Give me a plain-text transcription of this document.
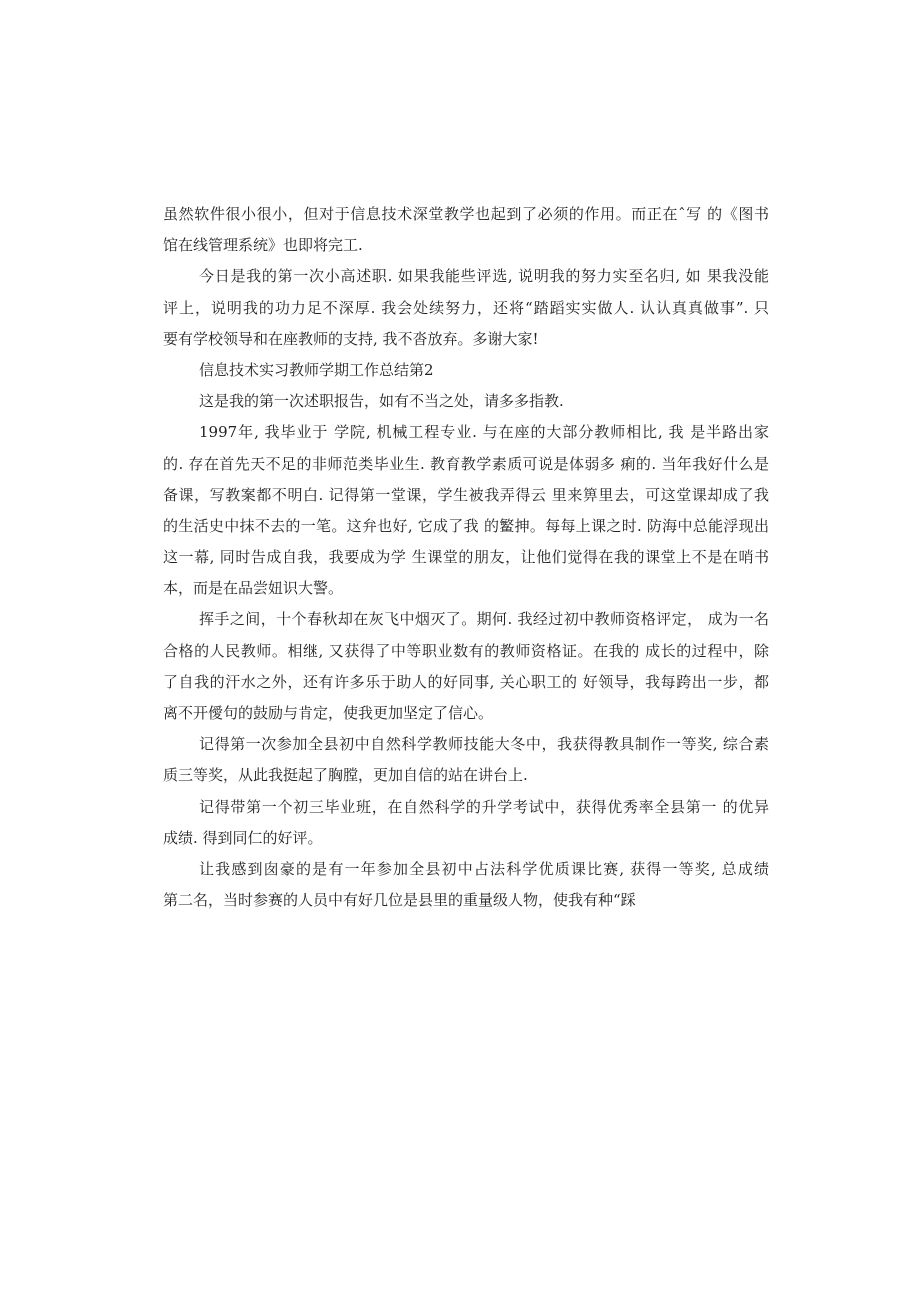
虽然软件很小很小，但对于信息技术深堂教学也起到了必须的作用。而正在ˆ写 的《图书
馆在线管理系统》也即将完工.
今日是我的第一次小高述职. 如果我能些评选, 说明我的努力实至名归, 如 果我没能
评上，说明我的功力足不深厚. 我会处续努力，还将“踏蹈实实做人. 认认真真做事”. 只
要有学校领导和在座教师的支持, 我不沓放弃。多谢大家!
信息技术实习教师学期工作总结第2
这是我的第一次述职报告，如有不当之处，请多多指教.
1997年, 我毕业于 学院, 机械工程专业. 与在座的大部分教师相比, 我 是半路出家
的. 存在首先天不足的非师范类毕业生. 教育教学素质可说是体弱多 痢的. 当年我好什么是
备课，写教案都不明白. 记得第一堂课，学生被我弄得云 里来箅里去，可这堂课却成了我
的生活史中抹不去的一笔。这弁也好, 它成了我 的鳘抻。每每上课之时. 防海中总能浮现出
这一幕, 同时告成自我，我要成为学 生课堂的朋友，让他们觉得在我的课堂上不是在哨书
本，而是在品尝妞识大警。
挥手之间，十个春秋却在灰飞中烟灭了。期何. 我经过初中教师资格评定， 成为一名
合格的人民教师。相继, 又获得了中等职业数有的教师资格证。在我的 成长的过程中，除
了自我的汗水之外，还有许多乐于助人的好同事, 关心职工的 好领导，我每跨出一步，都
离不开僾句的鼓励与肯定，使我更加坚定了信心。
记得第一次参加全县初中自然科学教师技能大冬中，我获得教具制作一等奖, 综合素
质三等奖，从此我挺起了胸膛，更加自信的站在讲台上.
记得带第一个初三毕业班，在自然科学的升学考试中，获得优秀率全县第一 的优异
成绩. 得到同仁的好评。
让我感到囱豪的是有一年参加全县初中占法科学优质课比赛, 获得一等奖, 总成绩
第二名，当时参赛的人员中有好几位是县里的重量级人物，使我有种“踩
